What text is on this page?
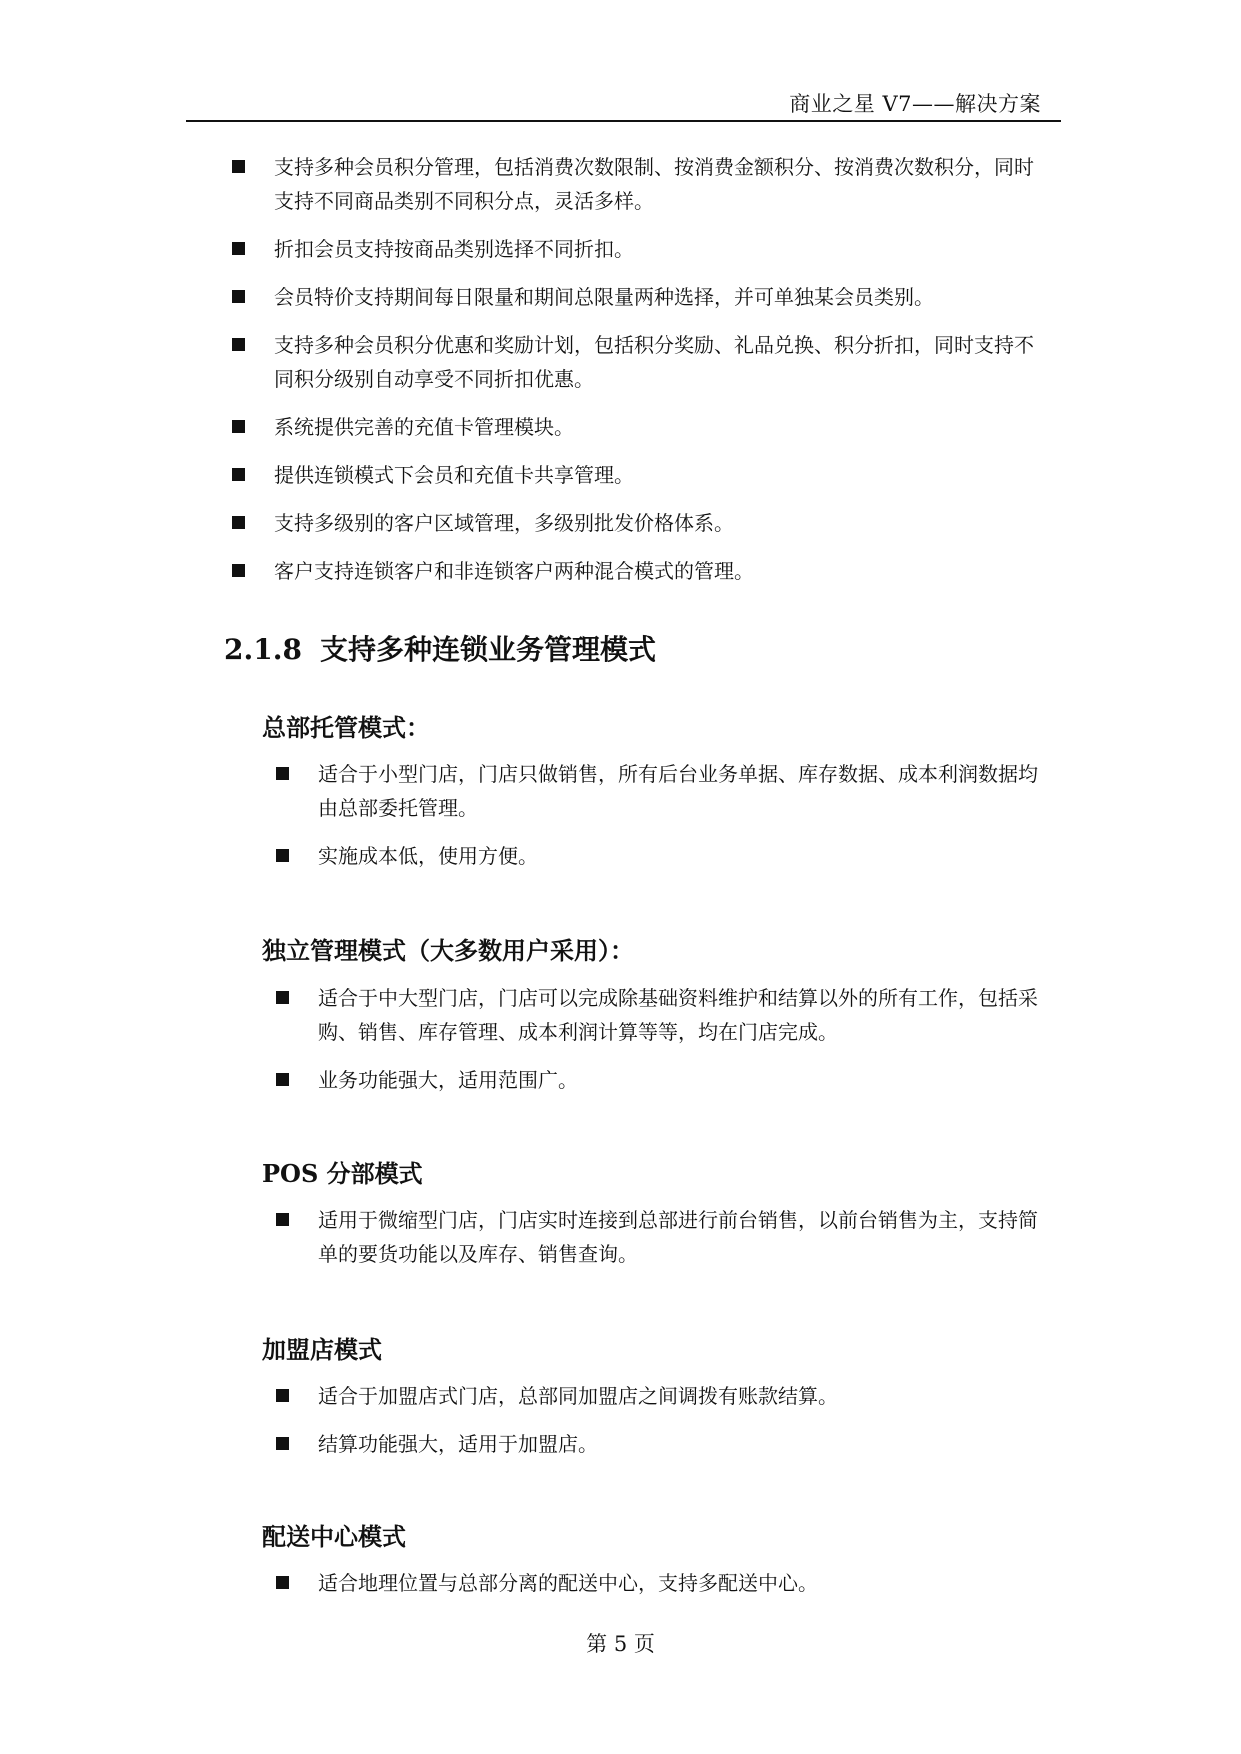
商业之星 V7——解决方案
支持多种会员积分管理，包括消费次数限制、按消费金额积分、按消费次数积分，同时支持不同商品类别不同积分点，灵活多样。
折扣会员支持按商品类别选择不同折扣。
会员特价支持期间每日限量和期间总限量两种选择，并可单独某会员类别。
支持多种会员积分优惠和奖励计划，包括积分奖励、礼品兑换、积分折扣，同时支持不同积分级别自动享受不同折扣优惠。
系统提供完善的充值卡管理模块。
提供连锁模式下会员和充值卡共享管理。
支持多级别的客户区域管理，多级别批发价格体系。
客户支持连锁客户和非连锁客户两种混合模式的管理。
2.1.8 支持多种连锁业务管理模式
总部托管模式：
适合于小型门店，门店只做销售，所有后台业务单据、库存数据、成本利润数据均由总部委托管理。
实施成本低，使用方便。
独立管理模式（大多数用户采用）：
适合于中大型门店，门店可以完成除基础资料维护和结算以外的所有工作，包括采购、销售、库存管理、成本利润计算等等，均在门店完成。
业务功能强大，适用范围广。
POS 分部模式
适用于微缩型门店，门店实时连接到总部进行前台销售，以前台销售为主，支持简单的要货功能以及库存、销售查询。
加盟店模式
适合于加盟店式门店，总部同加盟店之间调拨有账款结算。
结算功能强大，适用于加盟店。
配送中心模式
适合地理位置与总部分离的配送中心，支持多配送中心。
第 5 页
